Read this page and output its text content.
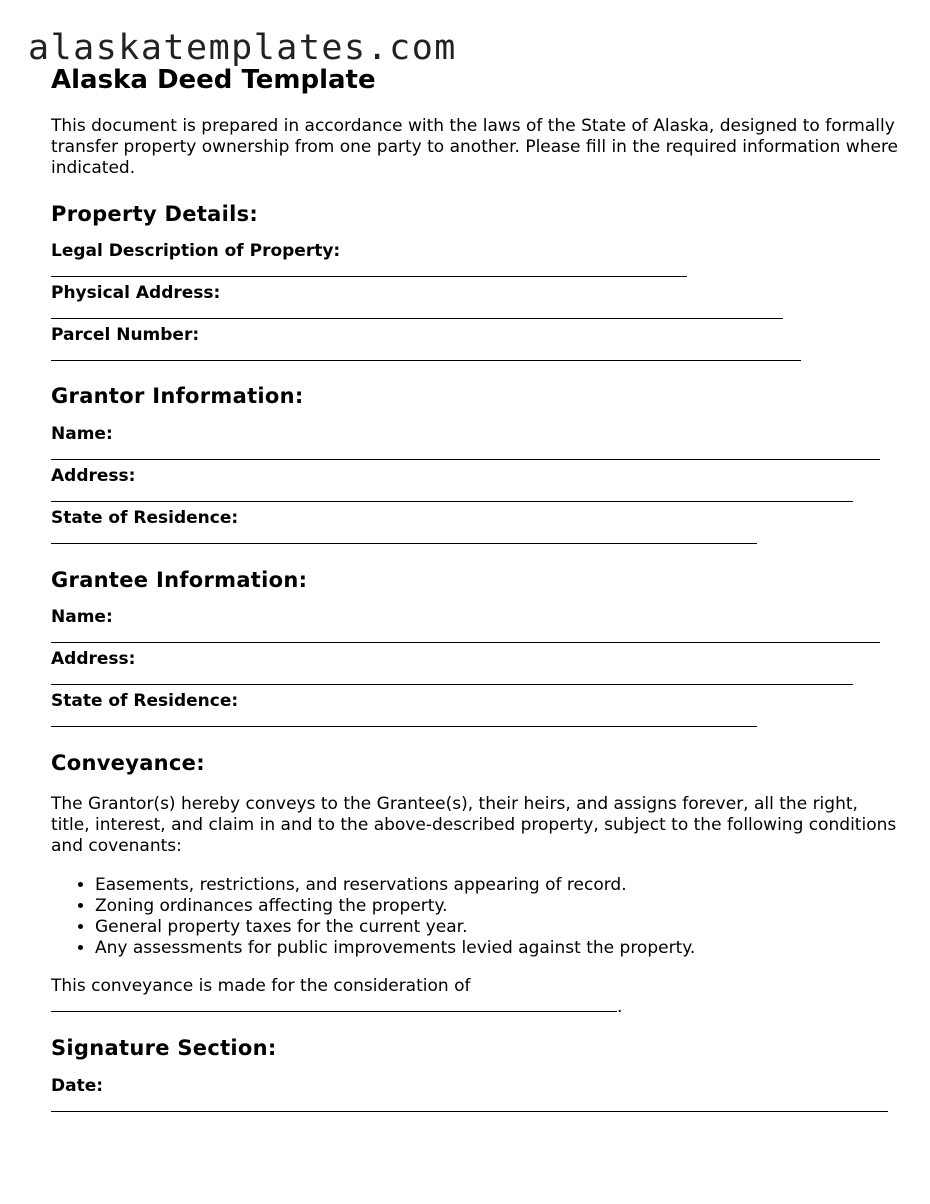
alaskatemplates.com
Alaska Deed Template

This document is prepared in accordance with the laws of the State of Alaska, designed to formally transfer property ownership from one party to another. Please fill in the required information where indicated.

Property Details:
Legal Description of Property:
Physical Address:
Parcel Number:
Grantor Information:
Name:
Address:
State of Residence:
Grantee Information:
Name:
Address:
State of Residence:
Conveyance:

The Grantor(s) hereby conveys to the Grantee(s), their heirs, and assigns forever, all the right, title, interest, and claim in and to the above-described property, subject to the following conditions and covenants:

• Easements, restrictions, and reservations appearing of record.
• Zoning ordinances affecting the property.
• General property taxes for the current year.
• Any assessments for public improvements levied against the property.

This conveyance is made for the consideration of

.
Signature Section:
Date:
